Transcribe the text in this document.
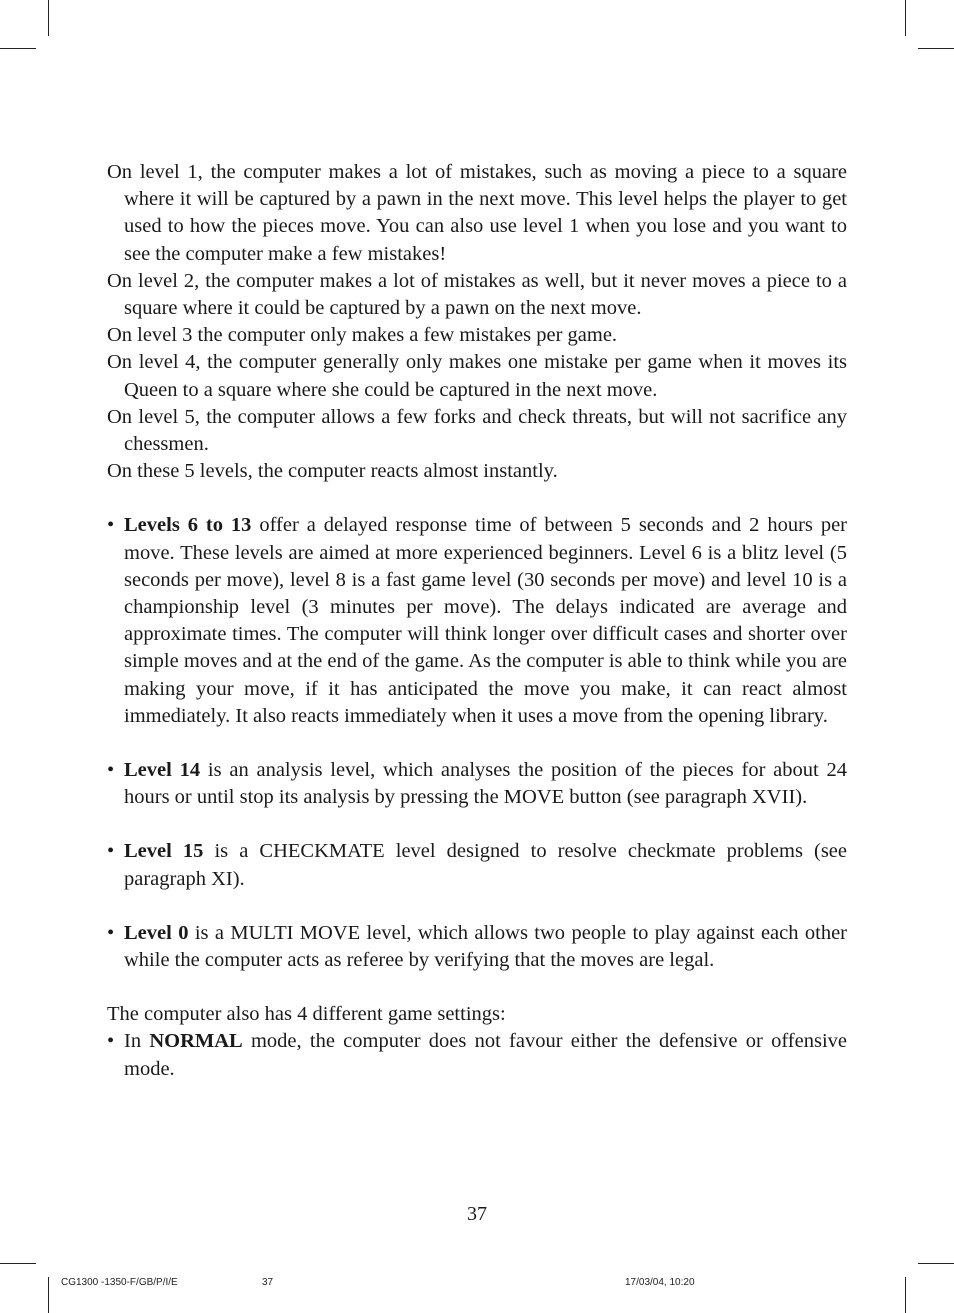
On level 1, the computer makes a lot of mistakes, such as moving a piece to a square where it will be captured by a pawn in the next move. This level helps the player to get used to how the pieces move. You can also use level 1 when you lose and you want to see the computer make a few mistakes!

On level 2, the computer makes a lot of mistakes as well, but it never moves a piece to a square where it could be captured by a pawn on the next move.

On level 3 the computer only makes a few mistakes per game.

On level 4, the computer generally only makes one mistake per game when it moves its Queen to a square where she could be captured in the next move.

On level 5, the computer allows a few forks and check threats, but will not sacrifice any chessmen.

On these 5 levels, the computer reacts almost instantly.

• Levels 6 to 13 offer a delayed response time of between 5 seconds and 2 hours per move. These levels are aimed at more experienced beginners. Level 6 is a blitz level (5 seconds per move), level 8 is a fast game level (30 seconds per move) and level 10 is a championship level (3 minutes per move). The delays indicated are average and approximate times. The computer will think longer over difficult cases and shorter over simple moves and at the end of the game. As the computer is able to think while you are making your move, if it has anticipated the move you make, it can react almost immediately. It also reacts immediately when it uses a move from the opening library.

• Level 14 is an analysis level, which analyses the position of the pieces for about 24 hours or until stop its analysis by pressing the MOVE button (see paragraph XVII).

• Level 15 is a CHECKMATE level designed to resolve checkmate problems (see paragraph XI).

• Level 0 is a MULTI MOVE level, which allows two people to play against each other while the computer acts as referee by verifying that the moves are legal.

The computer also has 4 different game settings:

• In NORMAL mode, the computer does not favour either the defensive or offensive mode.

37
CG1300 -1350-F/GB/P/I/E	37	17/03/04, 10:20
